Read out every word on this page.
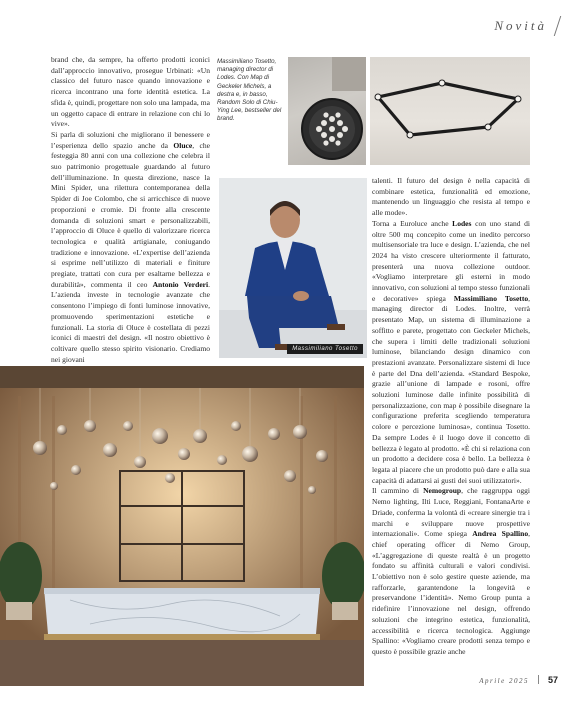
Novità

brand che, da sempre, ha offerto prodotti iconici dall’approccio innovativo, prosegue Urbinati: «Un classico del futuro nasce quando innovazione e ricerca incontrano una forte identità estetica. La sfida è, quindi, progettare non solo una lampada, ma un oggetto capace di entrare in relazione con chi lo vive».

Si parla di soluzioni che migliorano il benessere e l’esperienza dello spazio anche da Oluce, che festeggia 80 anni con una collezione che celebra il suo patrimonio progettuale guardando al futuro dell’illuminazione. In questa direzione, nasce la Mini Spider, una rilettura contemporanea della Spider di Joe Colombo, che si arricchisce di nuove proporzioni e cromie. Di fronte alla crescente domanda di soluzioni smart e personalizzabili, l’approccio di Oluce è quello di valorizzare ricerca tecnologica e qualità artigianale, coniugando tradizione e innovazione. «L’expertise dell’azienda si esprime nell’utilizzo di materiali e finiture pregiate, trattati con cura per esaltarne bellezza e durabilità», commenta il ceo Antonio Verderi. L’azienda investe in tecnologie avanzate che consentono l’impiego di fonti luminose innovative, promuovendo sperimentazioni estetiche e funzionali. La storia di Oluce è costellata di pezzi iconici di maestri del design. «Il nostro obiettivo è coltivare quello stesso spirito visionario. Crediamo nei giovani

Massimiliano Tosetto, managing director di Lodes. Con Map di Geckeler Michels, a destra e, in basso, Random Solo di Chiu-Ying Lee, bestseller del brand.
Massimiliano Tosetto

talenti. Il futuro del design è nella capacità di combinare estetica, funzionalità ed emozione, mantenendo un linguaggio che resista al tempo e alle mode».

Torna a Euroluce anche Lodes con uno stand di oltre 500 mq concepito come un inedito percorso multisensoriale tra luce e design. L’azienda, che nel 2024 ha visto crescere ulteriormente il fatturato, presenterà una nuova collezione outdoor. «Vogliamo interpretare gli esterni in modo innovativo, con soluzioni al tempo stesso funzionali e decorative» spiega Massimiliano Tosetto, managing director di Lodes. Inoltre, verrà presentato Map, un sistema di illuminazione a soffitto e parete, progettato con Geckeler Michels, che supera i limiti delle tradizionali soluzioni luminose, bilanciando design dinamico con prestazioni avanzate. Personalizzare sistemi di luce è parte del Dna dell’azienda. «Standard Bespoke, grazie all’unione di lampade e rosoni, offre soluzioni luminose dalle infinite possibilità di personalizzazione, con map è possibile disegnare la configurazione preferita scegliendo temperatura colore e percezione luminosa», continua Tosetto. Da sempre Lodes è il luogo dove il concetto di bellezza è legato al prodotto. «È chi si relaziona con un prodotto a decidere cosa è bello. La bellezza è legata al piacere che un prodotto può dare e alla sua capacità di adattarsi ai gusti dei suoi utilizzatori».

Il cammino di Nemogroup, che raggruppa oggi Nemo lighting, Ilti Luce, Reggiani, FontanaArte e Driade, conferma la volontà di «creare sinergie tra i marchi e sviluppare nuove prospettive internazionali». Come spiega Andrea Spallino, chief operating officer di Nemo Group, «L’aggregazione di queste realtà è un progetto fondato su affinità culturali e valori condivisi. L’obiettivo non è solo gestire queste aziende, ma rafforzarle, garantendone la longevità e preservandone l’identità». Nemo Group punta a ridefinire l’innovazione nel design, offrendo soluzioni che integrino estetica, funzionalità, accessibilità e ricerca tecnologica. Aggiunge Spallino: «Vogliamo creare prodotti senza tempo e questo è possibile grazie anche

Aprile 2025 57
